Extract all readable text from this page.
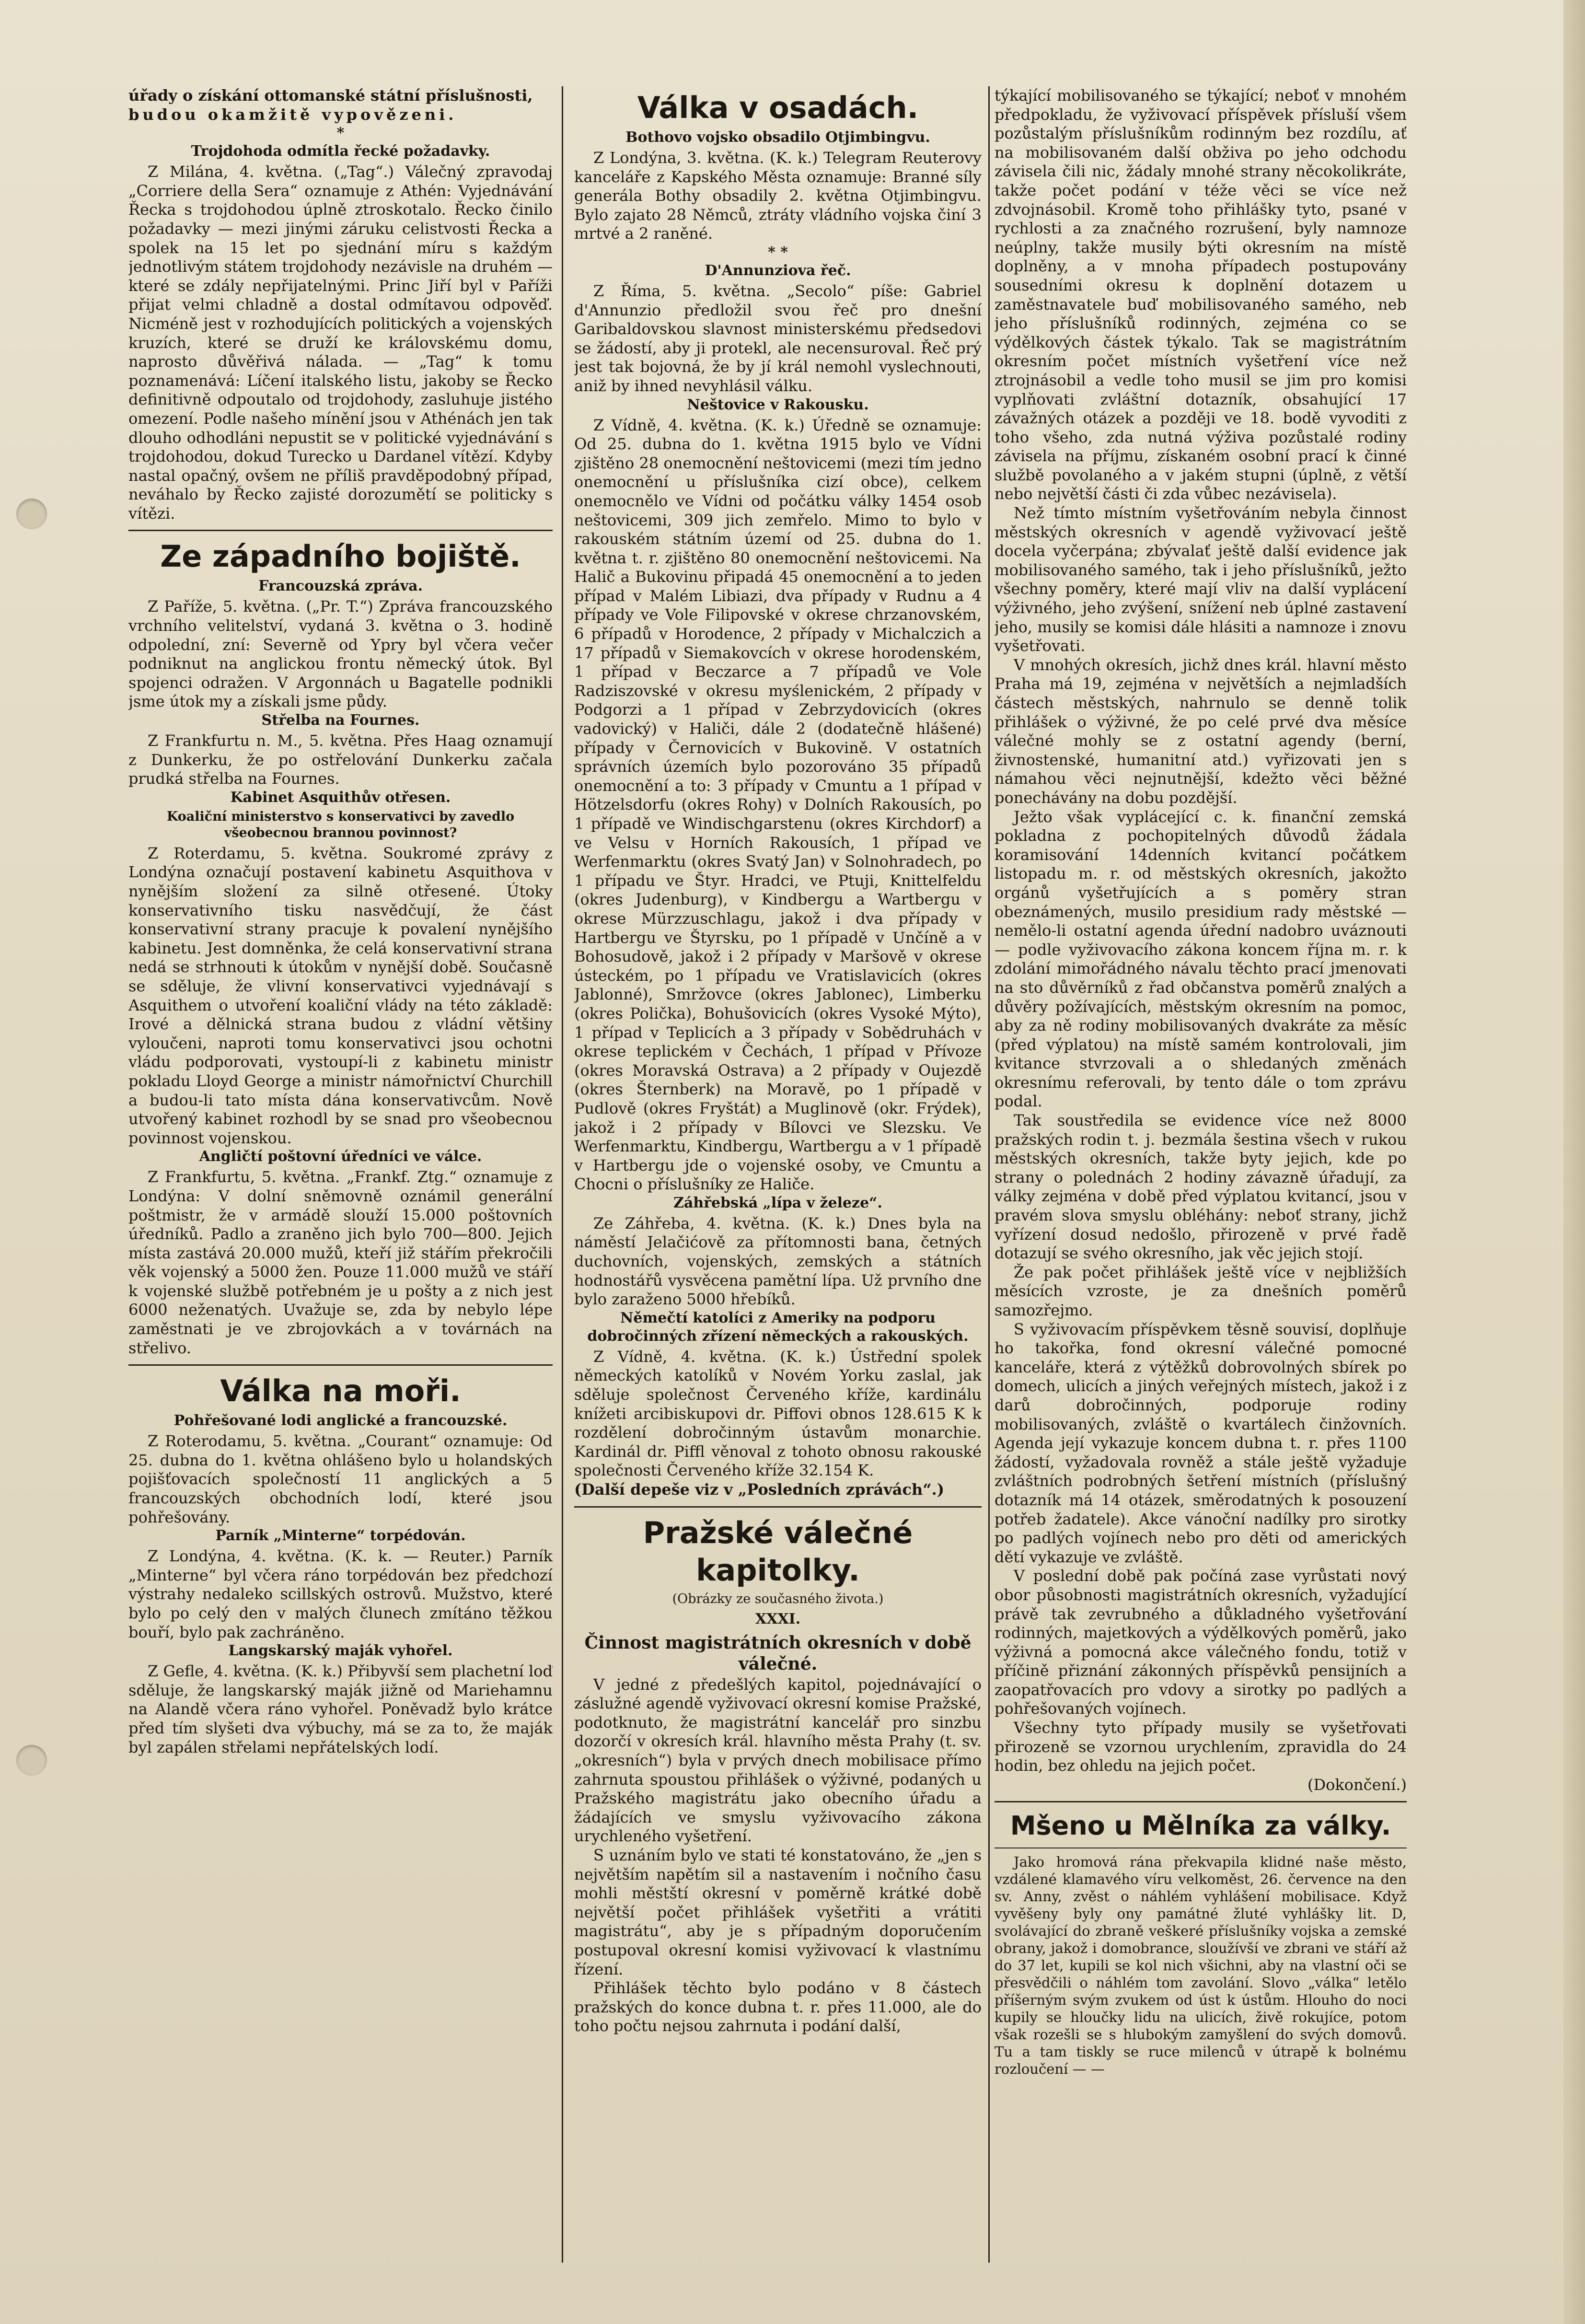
úřady o získání ottomanské státní příslušnosti,
budou okamžitě vypovězeni.
*
Trojdohoda odmítla řecké požadavky.

Z Milána, 4. května. („Tag“.) Válečný zpravodaj „Corriere della Sera“ oznamuje z Athén: Vyjednávání Řecka s trojdohodou úplně ztroskotalo. Řecko činilo požadavky — mezi jinými záruku celistvosti Řecka a spolek na 15 let po sjednání míru s každým jednotlivým státem trojdohody nezávisle na druhém — které se zdály nepřijatelnými. Princ Jiří byl v Paříži přijat velmi chladně a dostal odmítavou odpověď. Nicméně jest v rozhodujících politických a vojenských kruzích, které se druží ke královskému domu, naprosto důvěřivá nálada. — „Tag“ k tomu poznamenává: Líčení italského listu, jakoby se Řecko definitivně odpoutalo od trojdohody, zasluhuje jistého omezení. Podle našeho mínění jsou v Athénách jen tak dlouho odhodláni nepustit se v politické vyjednávání s trojdohodou, dokud Turecko u Dardanel vítězí. Kdyby nastal opačný, ovšem ne příliš pravděpodobný případ, neváhalo by Řecko zajisté dorozumětí se politicky s vítězi.

Ze západního bojiště.
Francouzská zpráva.

Z Paříže, 5. května. („Pr. T.“) Zpráva francouzského vrchního velitelství, vydaná 3. května o 3. hodině odpolední, zní: Severně od Ypry byl včera večer podniknut na anglickou frontu německý útok. Byl spojenci odražen. V Argonnách u Bagatelle podnikli jsme útok my a získali jsme půdy.

Střelba na Fournes.

Z Frankfurtu n. M., 5. května. Přes Haag oznamují z Dunkerku, že po ostřelování Dunkerku začala prudká střelba na Fournes.

Kabinet Asquithův otřesen.
Koaliční ministerstvo s konservativci by zavedlo všeobecnou brannou povinnost?

Z Roterdamu, 5. května. Soukromé zprávy z Londýna označují postavení kabinetu Asquithova v nynějším složení za silně otřesené. Útoky konservativního tisku nasvědčují, že část konservativní strany pracuje k povalení nynějšího kabinetu. Jest domněnka, že celá konservativní strana nedá se strhnouti k útokům v nynější době. Současně se sděluje, že vlivní konservativci vyjednávají s Asquithem o utvoření koaliční vlády na této základě: Irové a dělnická strana budou z vládní většiny vyloučeni, naproti tomu konservativci jsou ochotni vládu podporovati, vystoupí-li z kabinetu ministr pokladu Lloyd George a ministr námořnictví Churchill a budou-li tato místa dána konservativcům. Nově utvořený kabinet rozhodl by se snad pro všeobecnou povinnost vojenskou.

Angličtí poštovní úředníci ve válce.

Z Frankfurtu, 5. května. „Frankf. Ztg.“ oznamuje z Londýna: V dolní sněmovně oznámil generální poštmistr, že v armádě slouží 15.000 poštovních úředníků. Padlo a zraněno jich bylo 700—800. Jejich místa zastává 20.000 mužů, kteří již stářím překročili věk vojenský a 5000 žen. Pouze 11.000 mužů ve stáří k vojenské službě potřebném je u pošty a z nich jest 6000 neženatých. Uvažuje se, zda by nebylo lépe zaměstnati je ve zbrojovkách a v továrnách na střelivo.

Válka na moři.
Pohřešované lodi anglické a francouzské.

Z Roterodamu, 5. května. „Courant“ oznamuje: Od 25. dubna do 1. května ohlášeno bylo u holandských pojišťovacích společností 11 anglických a 5 francouzských obchodních lodí, které jsou pohřešovány.

Parník „Minterne“ torpédován.

Z Londýna, 4. května. (K. k. — Reuter.) Parník „Minterne“ byl včera ráno torpédován bez předchozí výstrahy nedaleko scillských ostrovů. Mužstvo, které bylo po celý den v malých člunech zmítáno těžkou bouří, bylo pak zachráněno.

Langskarský maják vyhořel.

Z Gefle, 4. května. (K. k.) Přibyvší sem plachetní loď sděluje, že langskarský maják jižně od Mariehamnu na Alandě včera ráno vyhořel. Poněvadž bylo krátce před tím slyšeti dva výbuchy, má se za to, že maják byl zapálen střelami nepřátelských lodí.

Válka v osadách.
Bothovo vojsko obsadilo Otjimbingvu.

Z Londýna, 3. května. (K. k.) Telegram Reuterovy kanceláře z Kapského Města oznamuje: Branné síly generála Bothy obsadily 2. května Otjimbingvu. Bylo zajato 28 Němců, ztráty vládního vojska činí 3 mrtvé a 2 raněné.

* *
D'Annunziova řeč.

Z Říma, 5. května. „Secolo“ píše: Gabriel d'Annunzio předložil svou řeč pro dnešní Garibaldovskou slavnost ministerskému předsedovi se žádostí, aby ji protekl, ale necensuroval. Řeč prý jest tak bojovná, že by jí král nemohl vyslechnouti, aniž by ihned nevyhlásil válku.

Neštovice v Rakousku.

Z Vídně, 4. května. (K. k.) Úředně se oznamuje: Od 25. dubna do 1. května 1915 bylo ve Vídni zjištěno 28 onemocnění neštovicemi (mezi tím jedno onemocnění u příslušníka cizí obce), celkem onemocnělo ve Vídni od počátku války 1454 osob neštovicemi, 309 jich zemřelo. Mimo to bylo v rakouském státním území od 25. dubna do 1. května t. r. zjištěno 80 onemocnění neštovicemi. Na Halič a Bukovinu připadá 45 onemocnění a to jeden případ v Malém Libiazi, dva případy v Rudnu a 4 případy ve Vole Filipovské v okrese chrzanovském, 6 případů v Horodence, 2 případy v Michalczich a 17 případů v Siemakovcích v okrese horodenském, 1 případ v Beczarce a 7 případů ve Vole Radziszovské v okresu myślenickém, 2 případy v Podgorzi a 1 případ v Zebrzydovicích (okres vadovický) v Haliči, dále 2 (dodatečně hlášené) případy v Černovicích v Bukovině. V ostatních správních územích bylo pozorováno 35 případů onemocnění a to: 3 případy v Cmuntu a 1 případ v Hötzelsdorfu (okres Rohy) v Dolních Rakousích, po 1 případě ve Windischgarstenu (okres Kirchdorf) a ve Velsu v Horních Rakousích, 1 případ ve Werfenmarktu (okres Svatý Jan) v Solnohradech, po 1 případu ve Štyr. Hradci, ve Ptuji, Knittelfeldu (okres Judenburg), v Kindbergu a Wartbergu v okrese Mürzzuschlagu, jakož i dva případy v Hartbergu ve Štyrsku, po 1 případě v Unčíně a v Bohosudově, jakož i 2 případy v Maršově v okrese ústeckém, po 1 případu ve Vratislavicích (okres Jablonné), Smržovce (okres Jablonec), Limberku (okres Polička), Bohušovicích (okres Vysoké Mýto), 1 případ v Teplicích a 3 případy v Sobědruhách v okrese teplickém v Čechách, 1 případ v Přívoze (okres Moravská Ostrava) a 2 případy v Oujezdě (okres Šternberk) na Moravě, po 1 případě v Pudlově (okres Fryštát) a Muglinově (okr. Frýdek), jakož i 2 případy v Bílovci ve Slezsku. Ve Werfenmarktu, Kindbergu, Wartbergu a v 1 případě v Hartbergu jde o vojenské osoby, ve Cmuntu a Chocni o příslušníky ze Haliče.

Záhřebská „lípa v železe“.

Ze Záhřeba, 4. května. (K. k.) Dnes byla na náměstí Jelačićově za přítomnosti bana, četných duchovních, vojenských, zemských a státních hodnostářů vysvěcena pamětní lípa. Už prvního dne bylo zaraženo 5000 hřebíků.

Němečtí katolíci z Ameriky na podporu dobročinných zřízení německých a rakouských.

Z Vídně, 4. května. (K. k.) Ústřední spolek německých katolíků v Novém Yorku zaslal, jak sděluje společnost Červeného kříže, kardinálu knížeti arcibiskupovi dr. Piffovi obnos 128.615 K k rozdělení dobročinným ústavům monarchie. Kardinál dr. Piffl věnoval z tohoto obnosu rakouské společnosti Červeného kříže 32.154 K.

(Další depeše viz v „Posledních zprávách“.)
Pražské válečné kapitolky.
(Obrázky ze současného života.)
XXXI.
Činnost magistrátních okresních v době válečné.

V jedné z předešlých kapitol, pojednávající o záslužné agendě vyživovací okresní komise Pražské, podotknuto, že magistrátní kancelář pro sinzbu dozorčí v okresích král. hlavního města Prahy (t. sv. „okresních“) byla v prvých dnech mobilisace přímo zahrnuta spoustou přihlášek o výživné, podaných u Pražského magistrátu jako obecního úřadu a žádajících ve smyslu vyživovacího zákona urychleného vyšetření.

S uznáním bylo ve stati té konstatováno, že „jen s největším napětím sil a nastavením i nočního času mohli městští okresní v poměrně krátké době největší počet přihlášek vyšetřiti a vrátiti magistrátu“, aby je s případným doporučením postupoval okresní komisi vyživovací k vlastnímu řízení.

Přihlášek těchto bylo podáno v 8 částech pražských do konce dubna t. r. přes 11.000, ale do toho počtu nejsou zahrnuta i podání další,

týkající mobilisovaného se týkající; neboť v mnohém předpokladu, že vyživovací příspěvek přísluší všem pozůstalým příslušníkům rodinným bez rozdílu, ať na mobilisovaném další obživa po jeho odchodu závisela čili nic, žádaly mnohé strany něcokolikráte, takže počet podání v téže věci se více než zdvojnásobil. Kromě toho přihlášky tyto, psané v rychlosti a za značného rozrušení, byly namnoze neúplny, takže musily býti okresním na místě doplněny, a v mnoha případech postupovány sousedními okresu k doplnění dotazem u zaměstnavatele buď mobilisovaného samého, neb jeho příslušníků rodinných, zejména co se výdělkových částek týkalo. Tak se magistrátním okresním počet místních vyšetření více než ztrojnásobil a vedle toho musil se jim pro komisi vyplňovati zvláštní dotazník, obsahující 17 závažných otázek a později ve 18. bodě vyvoditi z toho všeho, zda nutná výživa pozůstalé rodiny závisela na příjmu, získaném osobní prací k činné službě povolaného a v jakém stupni (úplně, z větší nebo největší části či zda vůbec nezávisela).

Než tímto místním vyšetřováním nebyla činnost městských okresních v agendě vyživovací ještě docela vyčerpána; zbývalať ještě další evidence jak mobilisovaného samého, tak i jeho příslušníků, ježto všechny poměry, které mají vliv na další vyplácení výživného, jeho zvýšení, snížení neb úplné zastavení jeho, musily se komisi dále hlásiti a namnoze i znovu vyšetřovati.

V mnohých okresích, jichž dnes král. hlavní město Praha má 19, zejména v největších a nejmladších částech městských, nahrnulo se denně tolik přihlášek o výživné, že po celé prvé dva měsíce válečné mohly se z ostatní agendy (berní, živnostenské, humanitní atd.) vyřizovati jen s námahou věci nejnutnější, kdežto věci běžné ponechávány na dobu pozdější.

Ježto však vyplácející c. k. finanční zemská pokladna z pochopitelných důvodů žádala koramisování 14denních kvitancí počátkem listopadu m. r. od městských okresních, jakožto orgánů vyšetřujících a s poměry stran obeznámených, musilo presidium rady městské — nemělo-li ostatní agenda úřední nadobro uváznouti — podle vyživovacího zákona koncem října m. r. k zdolání mimořádného návalu těchto prací jmenovati na sto důvěrníků z řad občanstva poměrů znalých a důvěry požívajících, městským okresním na pomoc, aby za ně rodiny mobilisovaných dvakráte za měsíc (před výplatou) na místě samém kontrolovali, jim kvitance stvrzovali a o shledaných změnách okresnímu referovali, by tento dále o tom zprávu podal.

Tak soustředila se evidence více než 8000 pražských rodin t. j. bezmála šestina všech v rukou městských okresních, takže byty jejich, kde po strany o polednách 2 hodiny závazně úřadují, za války zejména v době před výplatou kvitancí, jsou v pravém slova smyslu obléhány: neboť strany, jichž vyřízení dosud nedošlo, přirozeně v prvé řadě dotazují se svého okresního, jak věc jejich stojí.

Že pak počet přihlášek ještě více v nejbližších měsících vzroste, je za dnešních poměrů samozřejmo.

S vyživovacím příspěvkem těsně souvisí, doplňuje ho takořka, fond okresní válečné pomocné kanceláře, která z výtěžků dobrovolných sbírek po domech, ulicích a jiných veřejných místech, jakož i z darů dobročinných, podporuje rodiny mobilisovaných, zvláště o kvartálech činžovních. Agenda její vykazuje koncem dubna t. r. přes 1100 žádostí, vyžadovala rovněž a stále ještě vyžaduje zvláštních podrobných šetření místních (příslušný dotazník má 14 otázek, směrodatných k posouzení potřeb žadatele). Akce vánoční nadílky pro sirotky po padlých vojínech nebo pro děti od amerických dětí vykazuje ve zvláště.

V poslední době pak počíná zase vyrůstati nový obor působnosti magistrátních okresních, vyžadující právě tak zevrubného a důkladného vyšetřování rodinných, majetkových a výdělkových poměrů, jako výživná a pomocná akce válečného fondu, totiž v příčině přiznání zákonných příspěvků pensijních a zaopatřovacích pro vdovy a sirotky po padlých a pohřešovaných vojínech.

Všechny tyto případy musily se vyšetřovati přirozeně se vzornou urychlením, zpravidla do 24 hodin, bez ohledu na jejich počet.

(Dokončení.)
Mšeno u Mělníka za války.

Jako hromová rána překvapila klidné naše město, vzdálené klamavého víru velkoměst, 26. července na den sv. Anny, zvěst o náhlém vyhlášení mobilisace. Když vyvěšeny byly ony památné žluté vyhlášky lit. D, svolávající do zbraně veškeré příslušníky vojska a zemské obrany, jakož i domobrance, sloužívší ve zbrani ve stáří až do 37 let, kupili se kol nich všichni, aby na vlastní oči se přesvědčili o náhlém tom zavolání. Slovo „válka“ letělo příšerným svým zvukem od úst k ústům. Hlouho do noci kupily se hloučky lidu na ulicích, živě rokujíce, potom však rozešli se s hlubokým zamyšlení do svých domovů. Tu a tam tiskly se ruce milenců v útrapě k bolnému rozloučení — —
